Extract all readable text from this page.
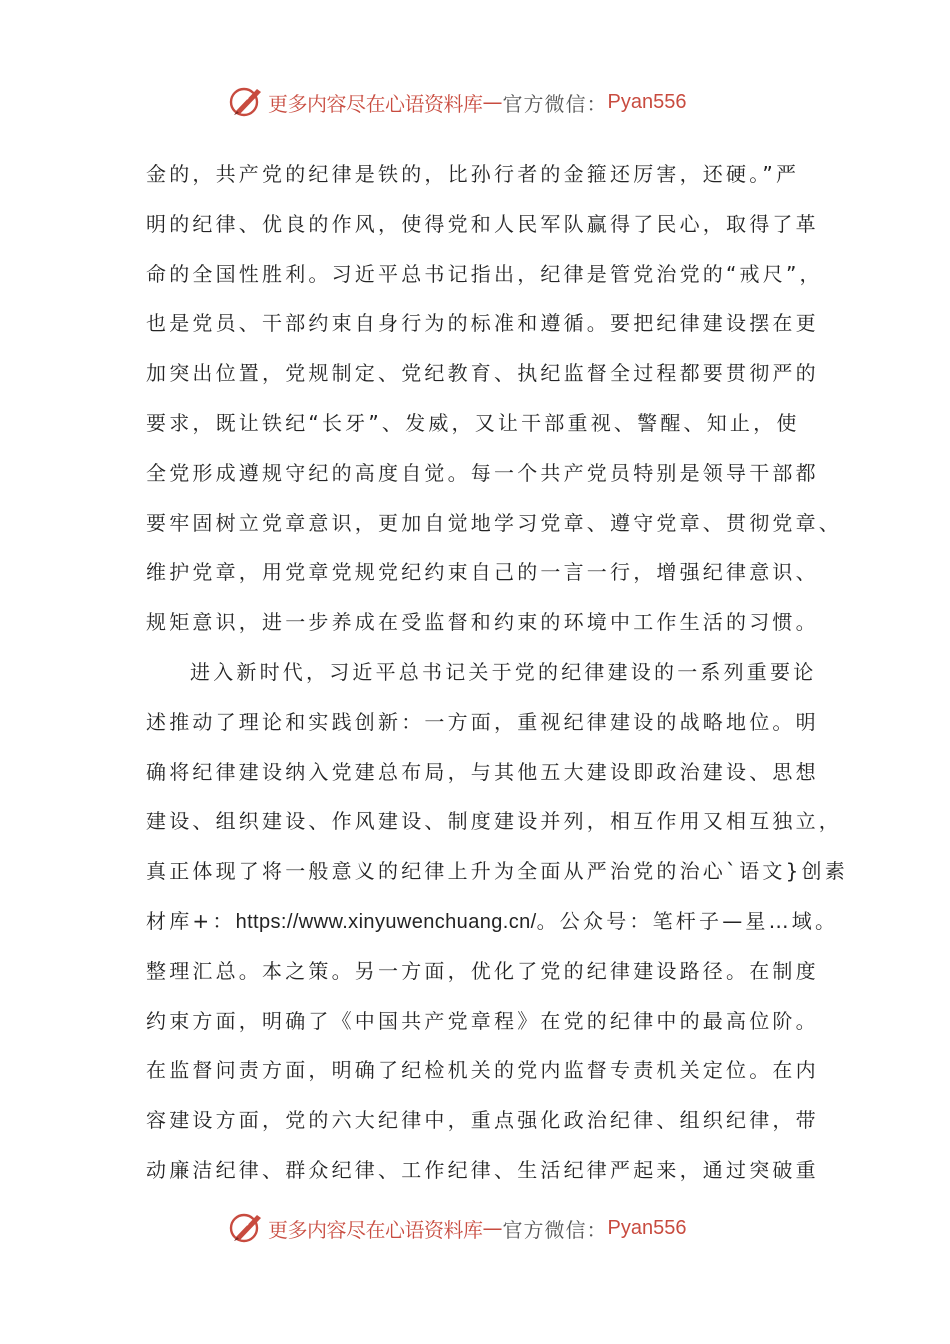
更多内容尽在心语资料库 — 官方微信： Pyan556
金的，共产党的纪律是铁的，比孙行者的金箍还厉害，还硬。”严
明的纪律、优良的作风，使得党和人民军队赢得了民心，取得了革
命的全国性胜利。习近平总书记指出，纪律是管党治党的“戒尺”，
也是党员、干部约束自身行为的标准和遵循。要把纪律建设摆在更
加突出位置，党规制定、党纪教育、执纪监督全过程都要贯彻严的
要求，既让铁纪“长牙”、发威，又让干部重视、警醒、知止，使
全党形成遵规守纪的高度自觉。每一个共产党员特别是领导干部都
要牢固树立党章意识，更加自觉地学习党章、遵守党章、贯彻党章、
维护党章，用党章党规党纪约束自己的一言一行，增强纪律意识、
规矩意识，进一步养成在受监督和约束的环境中工作生活的习惯。
进入新时代，习近平总书记关于党的纪律建设的一系列重要论
述推动了理论和实践创新：一方面，重视纪律建设的战略地位。明
确将纪律建设纳入党建总布局，与其他五大建设即政治建设、思想
建设、组织建设、作风建设、制度建设并列，相互作用又相互独立，
真正体现了将一般意义的纪律上升为全面从严治党的治心`语文}创素
材库+：https://www.xinyuwenchuang.cn/。公众号：笔杆子—星…域。
整理汇总。本之策。另一方面，优化了党的纪律建设路径。在制度
约束方面，明确了《中国共产党章程》在党的纪律中的最高位阶。
在监督问责方面，明确了纪检机关的党内监督专责机关定位。在内
容建设方面，党的六大纪律中，重点强化政治纪律、组织纪律，带
动廉洁纪律、群众纪律、工作纪律、生活纪律严起来，通过突破重
更多内容尽在心语资料库 — 官方微信： Pyan556
